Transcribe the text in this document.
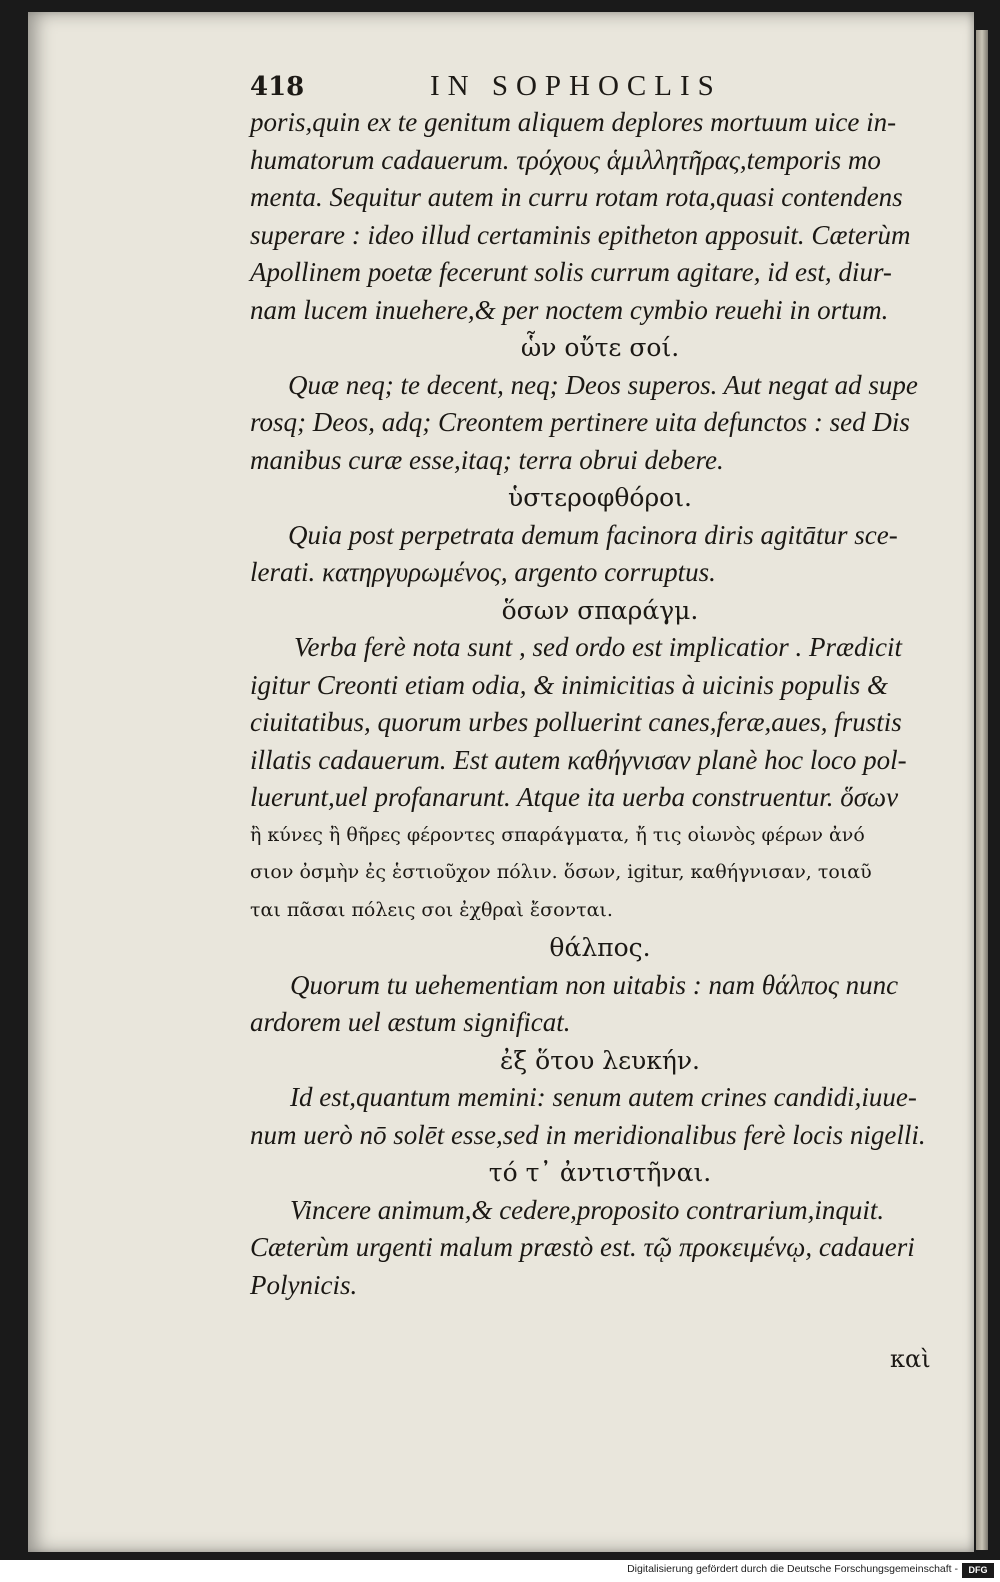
418	IN SOPHOCLIS
poris,quin ex te genitum aliquem deplores mortuum uice in-
humatorum cadauerum. τρόχους ἁμιλλητῆρας,temporis mo
menta. Sequitur autem in curru rotam rota,quasi contendens
superare : ideo illud certaminis epitheton apposuit. Cæterùm
Apollinem poetæ fecerunt solis currum agitare, id est, diur-
nam lucem inuehere,& per noctem cymbio reuehi in ortum.
ὧν οὔτε σοί.
Quæ neq; te decent, neq; Deos superos. Aut negat ad supe
rosq; Deos, adq; Creontem pertinere uita defunctos : sed Dis
manibus curæ esse,itaq; terra obrui debere.
ὑστεροφθόροι.
Quia post perpetrata demum facinora diris agitātur sce-
lerati. κατηργυρωμένος, argento corruptus.
ὅσων σπαράγμ.
Verba ferè nota sunt , sed ordo est implicatior . Prædicit
igitur Creonti etiam odia, & inimicitias à uicinis populis &
ciuitatibus, quorum urbes polluerint canes,feræ,aues, frustis
illatis cadauerum. Est autem καθήγνισαν planè hoc loco pol-
luerunt,uel profanarunt. Atque ita uerba construentur. ὅσων
ἢ κύνες ἢ θῆρες φέροντες σπαράγματα, ἤ τις οἰωνὸς φέρων ἀνό
σιον ὀσμὴν ἐς ἑστιοῦχον πόλιν. ὅσων, igitur, καθήγνισαν, τοιαῦ
ται πᾶσαι πόλεις σοι ἐχθραὶ ἔσονται.
θάλπος.
Quorum tu uehementiam non uitabis : nam θάλπος nunc
ardorem uel æstum significat.
ἐξ ὅτου λευκήν.
Id est,quantum memini: senum autem crines candidi,iuue-
num uerò nō solēt esse,sed in meridionalibus ferè locis nigelli.
τό τ᾽ ἀντιστῆναι.
Vincere animum,& cedere,proposito contrarium,inquit.
Cæterùm urgenti malum præstò est. τῷ προκειμένῳ, cadaueri
Polynicis.
καὶ
Digitalisierung gefördert durch die Deutsche Forschungsgemeinschaft -	DFG
